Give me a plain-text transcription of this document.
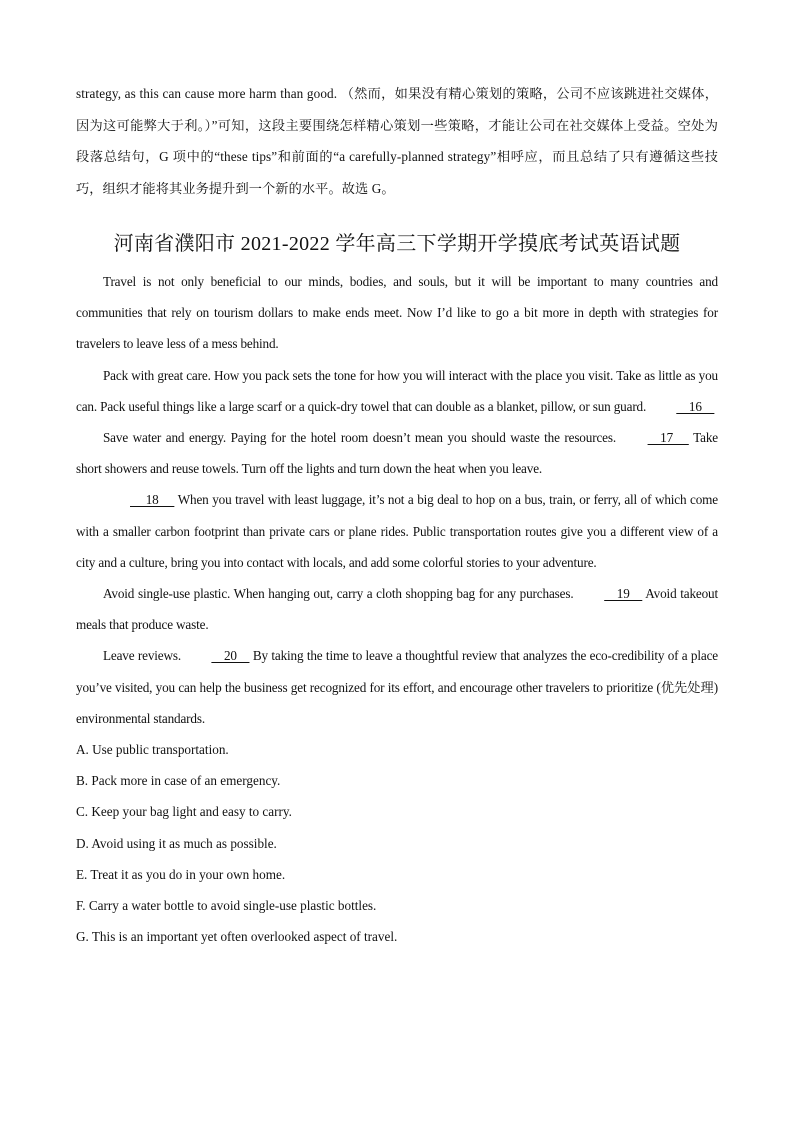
strategy, as this can cause more harm than good. （然而，如果没有精心策划的策略，公司不应该跳进社交媒体，因为这可能弊大于利。）”可知，这段主要围绕怎样精心策划一些策略，才能让公司在社交媒体上受益。空处为段落总结句，G 项中的“these tips”和前面的“a carefully-planned strategy”相呼应，而且总结了只有遵循这些技巧，组织才能将其业务提升到一个新的水平。故选 G。

河南省濮阳市 2021-2022 学年高三下学期开学摸底考试英语试题

Travel is not only beneficial to our minds, bodies, and souls, but it will be important to many countries and communities that rely on tourism dollars to make ends meet. Now I’d like to go a bit more in depth with strategies for travelers to leave less of a mess behind.

Pack with great care. How you pack sets the tone for how you will interact with the place you visit. Take as little as you can. Pack useful things like a large scarf or a quick-dry towel that can double as a blanket, pillow, or sun guard.     16

Save water and energy. Paying for the hotel room doesn’t mean you should waste the resources.     17      Take short showers and reuse towels. Turn off the lights and turn down the heat when you leave.

18      When you travel with least luggage, it’s not a big deal to hop on a bus, train, or ferry, all of which come with a smaller carbon footprint than private cars or plane rides. Public transportation routes give you a different view of a city and a culture, bring you into contact with locals, and add some colorful stories to your adventure.

Avoid single-use plastic. When hanging out, carry a cloth shopping bag for any purchases.     19     Avoid takeout meals that produce waste.

Leave reviews.     20     By taking the time to leave a thoughtful review that analyzes the eco-credibility of a place you’ve visited, you can help the business get recognized for its effort, and encourage other travelers to prioritize (优先处理) environmental standards.

A. Use public transportation.

B. Pack more in case of an emergency.

C. Keep your bag light and easy to carry.

D. Avoid using it as much as possible.

E. Treat it as you do in your own home.

F. Carry a water bottle to avoid single-use plastic bottles.

G. This is an important yet often overlooked aspect of travel.
